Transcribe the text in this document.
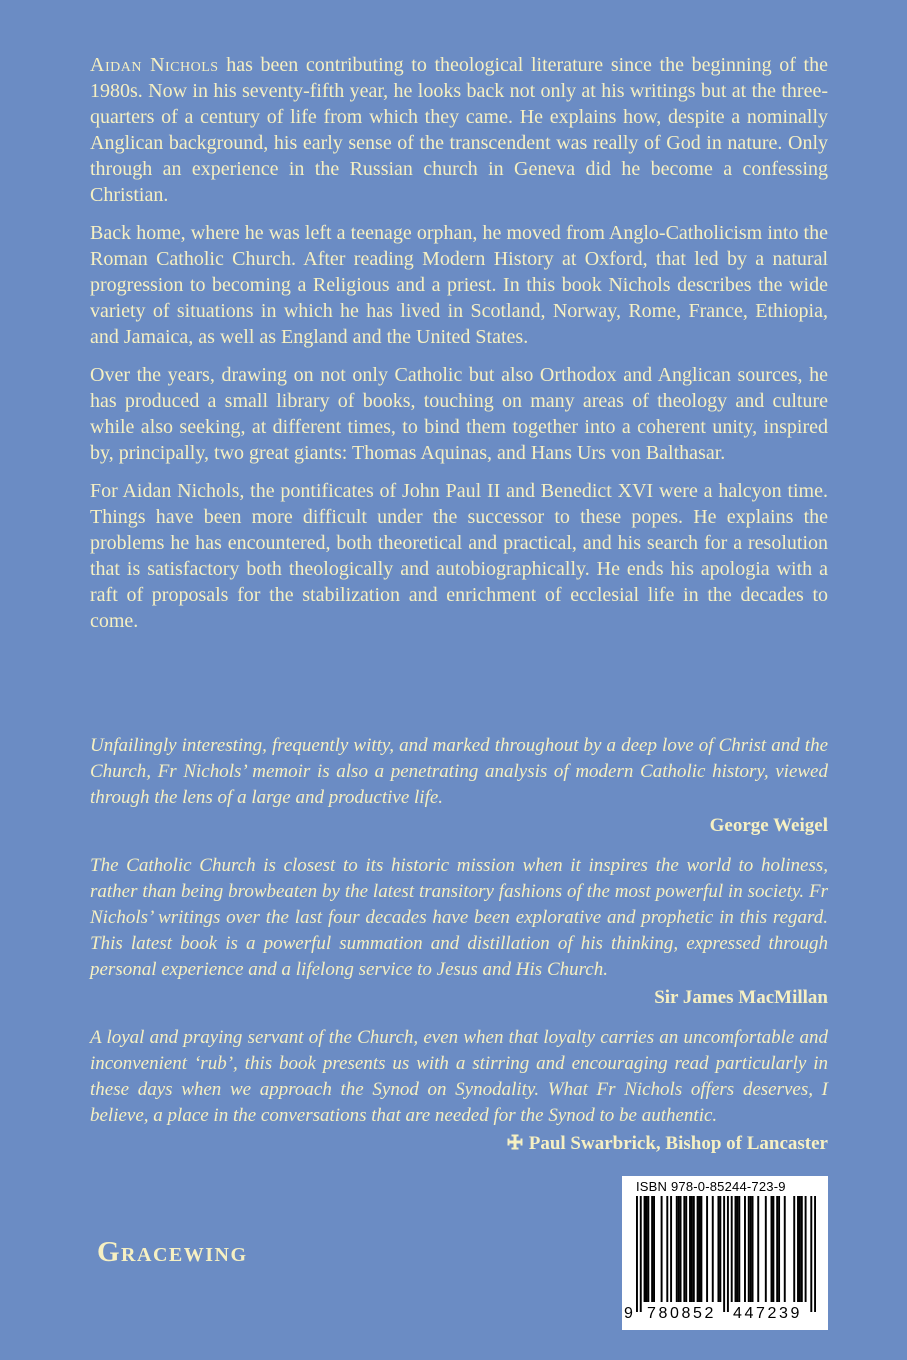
Aidan Nichols has been contributing to theological literature since the beginning of the 1980s. Now in his seventy-fifth year, he looks back not only at his writings but at the three-quarters of a century of life from which they came. He explains how, despite a nominally Anglican background, his early sense of the transcendent was really of God in nature. Only through an experience in the Russian church in Geneva did he become a confessing Christian.

Back home, where he was left a teenage orphan, he moved from Anglo-Catholicism into the Roman Catholic Church. After reading Modern History at Oxford, that led by a natural progression to becoming a Religious and a priest. In this book Nichols describes the wide variety of situations in which he has lived in Scotland, Norway, Rome, France, Ethiopia, and Jamaica, as well as England and the United States.

Over the years, drawing on not only Catholic but also Orthodox and Anglican sources, he has produced a small library of books, touching on many areas of theology and culture while also seeking, at different times, to bind them together into a coherent unity, inspired by, principally, two great giants: Thomas Aquinas, and Hans Urs von Balthasar.

For Aidan Nichols, the pontificates of John Paul II and Benedict XVI were a halcyon time. Things have been more difficult under the successor to these popes. He explains the problems he has encountered, both theoretical and practical, and his search for a resolution that is satisfactory both theologically and autobiographically. He ends his apologia with a raft of proposals for the stabilization and enrichment of ecclesial life in the decades to come.

Unfailingly interesting, frequently witty, and marked throughout by a deep love of Christ and the Church, Fr Nichols’ memoir is also a penetrating analysis of modern Catholic history, viewed through the lens of a large and productive life.

George Weigel

The Catholic Church is closest to its historic mission when it inspires the world to holiness, rather than being browbeaten by the latest transitory fashions of the most powerful in society. Fr Nichols’ writings over the last four decades have been explorative and prophetic in this regard. This latest book is a powerful summation and distillation of his thinking, expressed through personal experience and a lifelong service to Jesus and His Church.

Sir James MacMillan

A loyal and praying servant of the Church, even when that loyalty carries an uncomfortable and inconvenient ‘rub’, this book presents us with a stirring and encouraging read particularly in these days when we approach the Synod on Synodality. What Fr Nichols offers deserves, I believe, a place in the conversations that are needed for the Synod to be authentic.

Paul Swarbrick, Bishop of Lancaster
Gracewing
ISBN 978-0-85244-723-9
9 780852 447239
